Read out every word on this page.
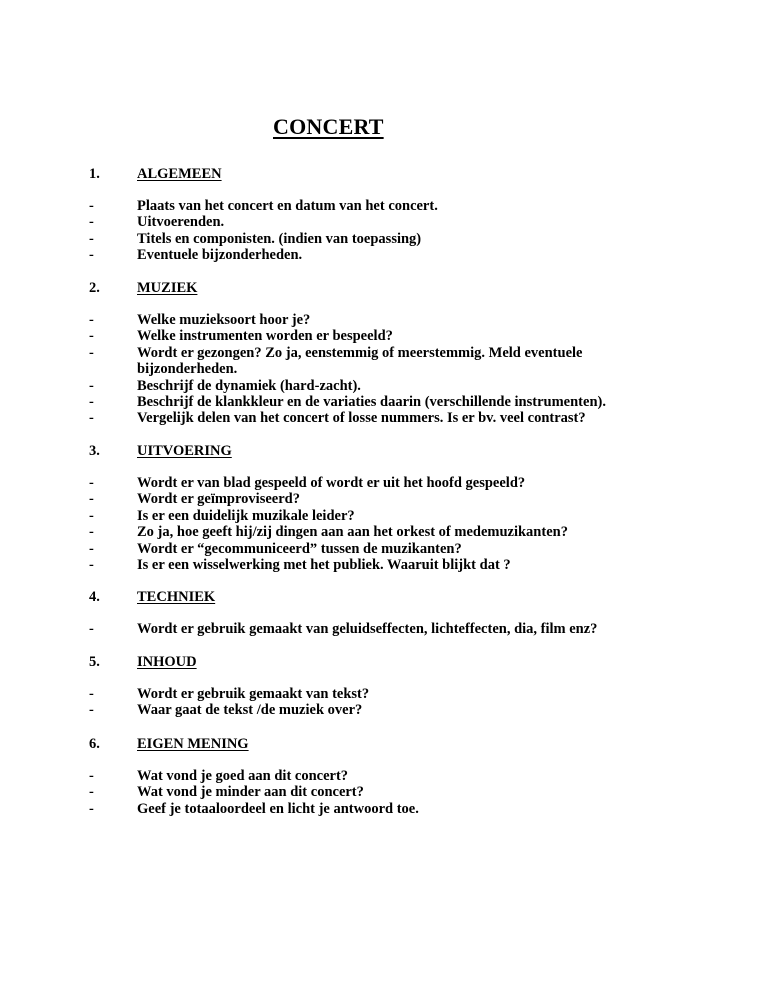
CONCERT
1.	ALGEMEEN
-	Plaats van het concert en datum van het concert.
-	Uitvoerenden.
-	Titels en componisten. (indien van toepassing)
-	Eventuele bijzonderheden.
2.	MUZIEK
-	Welke muzieksoort hoor je?
-	Welke instrumenten worden er bespeeld?
-	Wordt er gezongen? Zo ja, eenstemmig of meerstemmig. Meld eventuele bijzonderheden.
-	Beschrijf de dynamiek (hard-zacht).
-	Beschrijf de klankkleur en de variaties daarin (verschillende instrumenten).
-	Vergelijk delen van het concert of losse nummers. Is er bv. veel contrast?
3.	UITVOERING
-	Wordt er van blad gespeeld of wordt er uit het hoofd gespeeld?
-	Wordt er geïmproviseerd?
-	Is er een duidelijk muzikale leider?
-	Zo ja, hoe geeft hij/zij dingen aan aan het orkest of medemuzikanten?
-	Wordt er “gecommuniceerd” tussen de muzikanten?
-	Is er een wisselwerking met het publiek. Waaruit blijkt dat ?
4.	TECHNIEK
-	Wordt er gebruik gemaakt van geluidseffecten, lichteffecten, dia, film enz?
5.	INHOUD
-	Wordt er gebruik gemaakt van tekst?
-	Waar gaat de tekst /de muziek over?
6.	EIGEN MENING
-	Wat vond je goed aan dit concert?
-	Wat vond je minder aan dit concert?
-	Geef je totaaloordeel en licht je antwoord toe.
